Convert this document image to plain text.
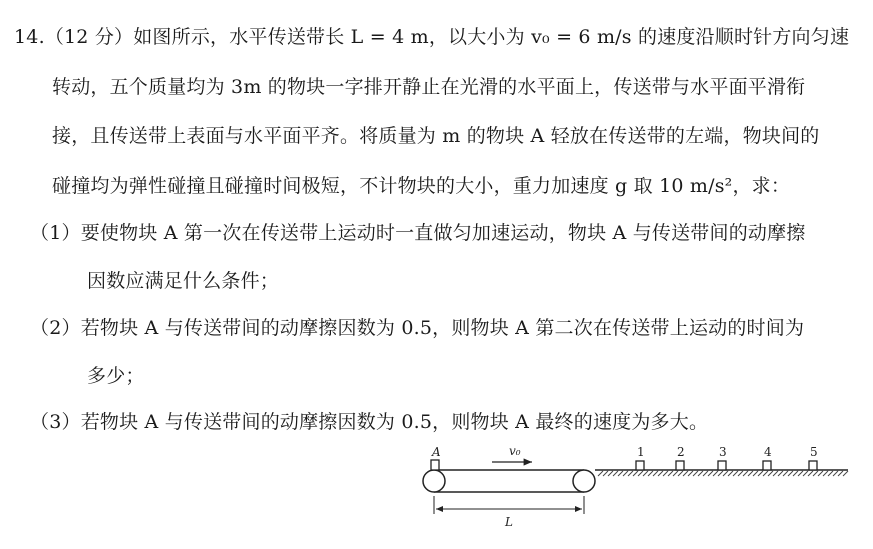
14.（12 分）如图所示，水平传送带长 L = 4 m，以大小为 v₀ = 6 m/s 的速度沿顺时针方向匀速
转动，五个质量均为 3m 的物块一字排开静止在光滑的水平面上，传送带与水平面平滑衔
接，且传送带上表面与水平面平齐。将质量为 m 的物块 A 轻放在传送带的左端，物块间的
碰撞均为弹性碰撞且碰撞时间极短，不计物块的大小，重力加速度 g 取 10 m/s²，求：
（1）要使物块 A 第一次在传送带上运动时一直做匀加速运动，物块 A 与传送带间的动摩擦
因数应满足什么条件；
（2）若物块 A 与传送带间的动摩擦因数为 0.5，则物块 A 第二次在传送带上运动的时间为
多少；
（3）若物块 A 与传送带间的动摩擦因数为 0.5，则物块 A 最终的速度为多大。
A	v₀	1	2	3	4	5
L
